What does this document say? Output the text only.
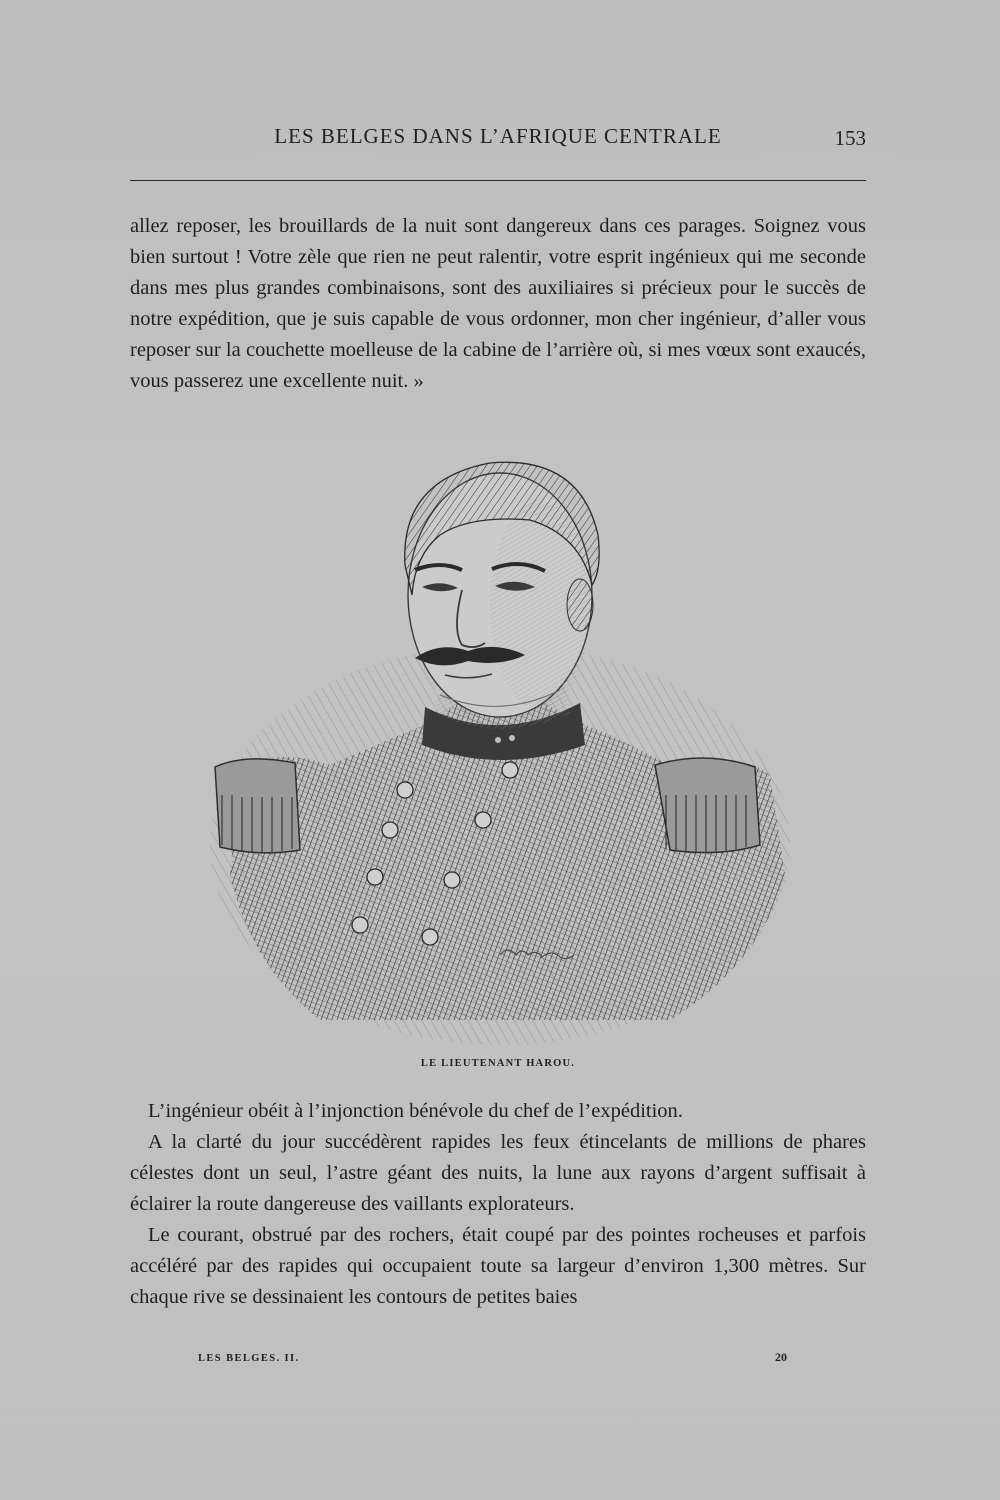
LES BELGES DANS L’AFRIQUE CENTRALE	153

allez reposer, les brouillards de la nuit sont dangereux dans ces parages. Soignez vous bien surtout ! Votre zèle que rien ne peut ralentir, votre esprit ingénieux qui me seconde dans mes plus grandes combinaisons, sont des auxiliaires si précieux pour le succès de notre expédition, que je suis capable de vous ordonner, mon cher ingénieur, d’aller vous reposer sur la couchette moelleuse de la cabine de l’arrière où, si mes vœux sont exaucés, vous passerez une excellente nuit. »

LE LIEUTENANT HAROU.

L’ingénieur obéit à l’injonction bénévole du chef de l’expédition.

A la clarté du jour succédèrent rapides les feux étincelants de millions de phares célestes dont un seul, l’astre géant des nuits, la lune aux rayons d’argent suffisait à éclairer la route dangereuse des vaillants explorateurs.

Le courant, obstrué par des rochers, était coupé par des pointes rocheuses et parfois accéléré par des rapides qui occupaient toute sa largeur d’environ 1,300 mètres. Sur chaque rive se dessinaient les contours de petites baies

LES BELGES. II.	20
